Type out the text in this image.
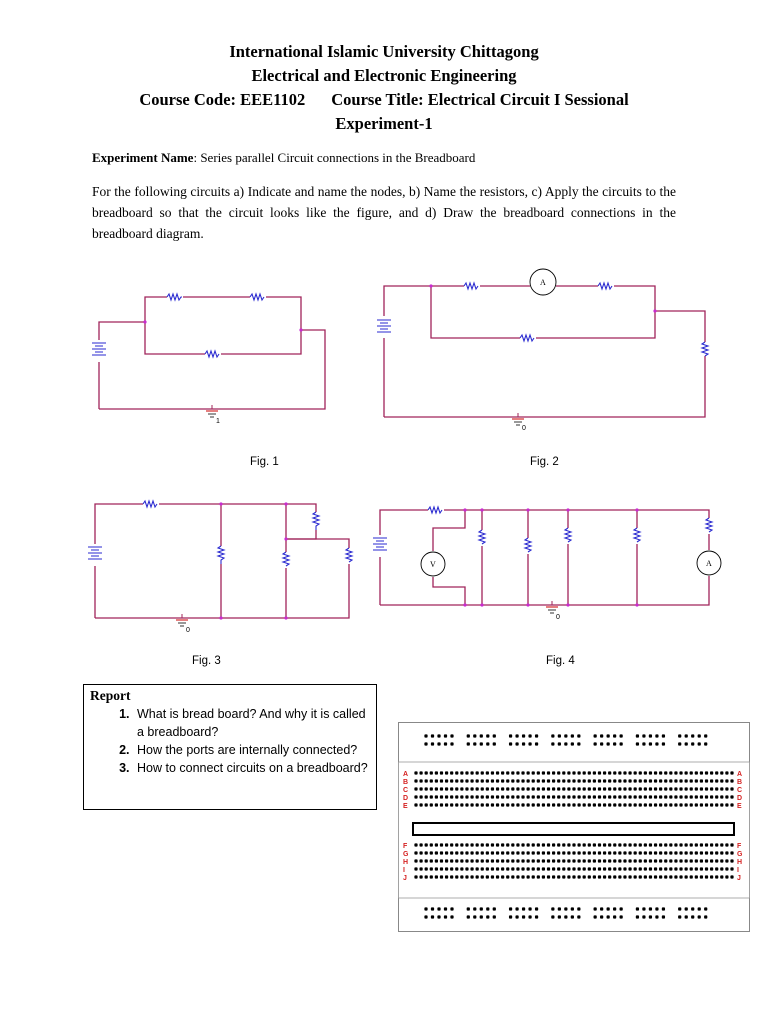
International Islamic University Chittagong
Electrical and Electronic Engineering
Course Code: EEE1102 Course Title: Electrical Circuit I Sessional
Experiment-1
Experiment Name: Series parallel Circuit connections in the Breadboard
For the following circuits a) Indicate and name the nodes, b) Name the resistors, c) Apply the circuits to the breadboard so that the circuit looks like the figure, and d) Draw the breadboard connections in the breadboard diagram.
1
Fig. 1
A
0
Fig. 2
0
Fig. 3
V	A
0
Fig. 4
Report
1. What is bread board? And why it is called a breadboard?
2. How the ports are internally connected?
3. How to connect circuits on a breadboard?	A	A
B	B
C	C
D	D
E	E
F	F
G	G
H	H
I	I
J	J
